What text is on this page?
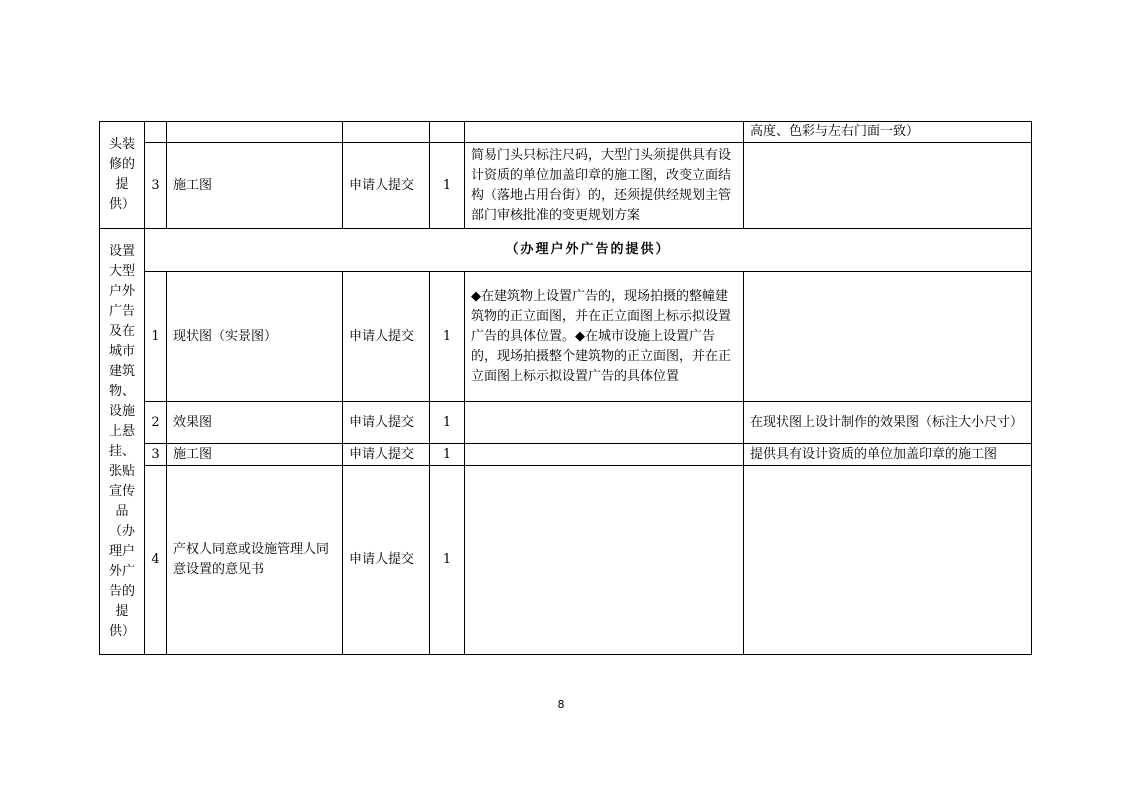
头装修的提供）						高度、色彩与左右门面一致）
	3	施工图	申请人提交	1	简易门头只标注尺码，大型门头须提供具有设计资质的单位加盖印章的施工图，改变立面结构（落地占用台街）的，还须提供经规划主管部门审核批准的变更规划方案	
设置大型户外广告及在城市建筑物、设施上悬挂、张贴宣传品（办理户外广告的提供）	（办理户外广告的提供）					
	1	现状图（实景图）	申请人提交	1	◆在建筑物上设置广告的，现场拍摄的整幢建筑物的正立面图，并在正立面图上标示拟设置广告的具体位置。◆在城市设施上设置广告的，现场拍摄整个建筑物的正立面图，并在正立面图上标示拟设置广告的具体位置	
	2	效果图	申请人提交	1		在现状图上设计制作的效果图（标注大小尺寸）
	3	施工图	申请人提交	1		提供具有设计资质的单位加盖印章的施工图
	4	产权人同意或设施管理人同意设置的意见书	申请人提交	1		
8
